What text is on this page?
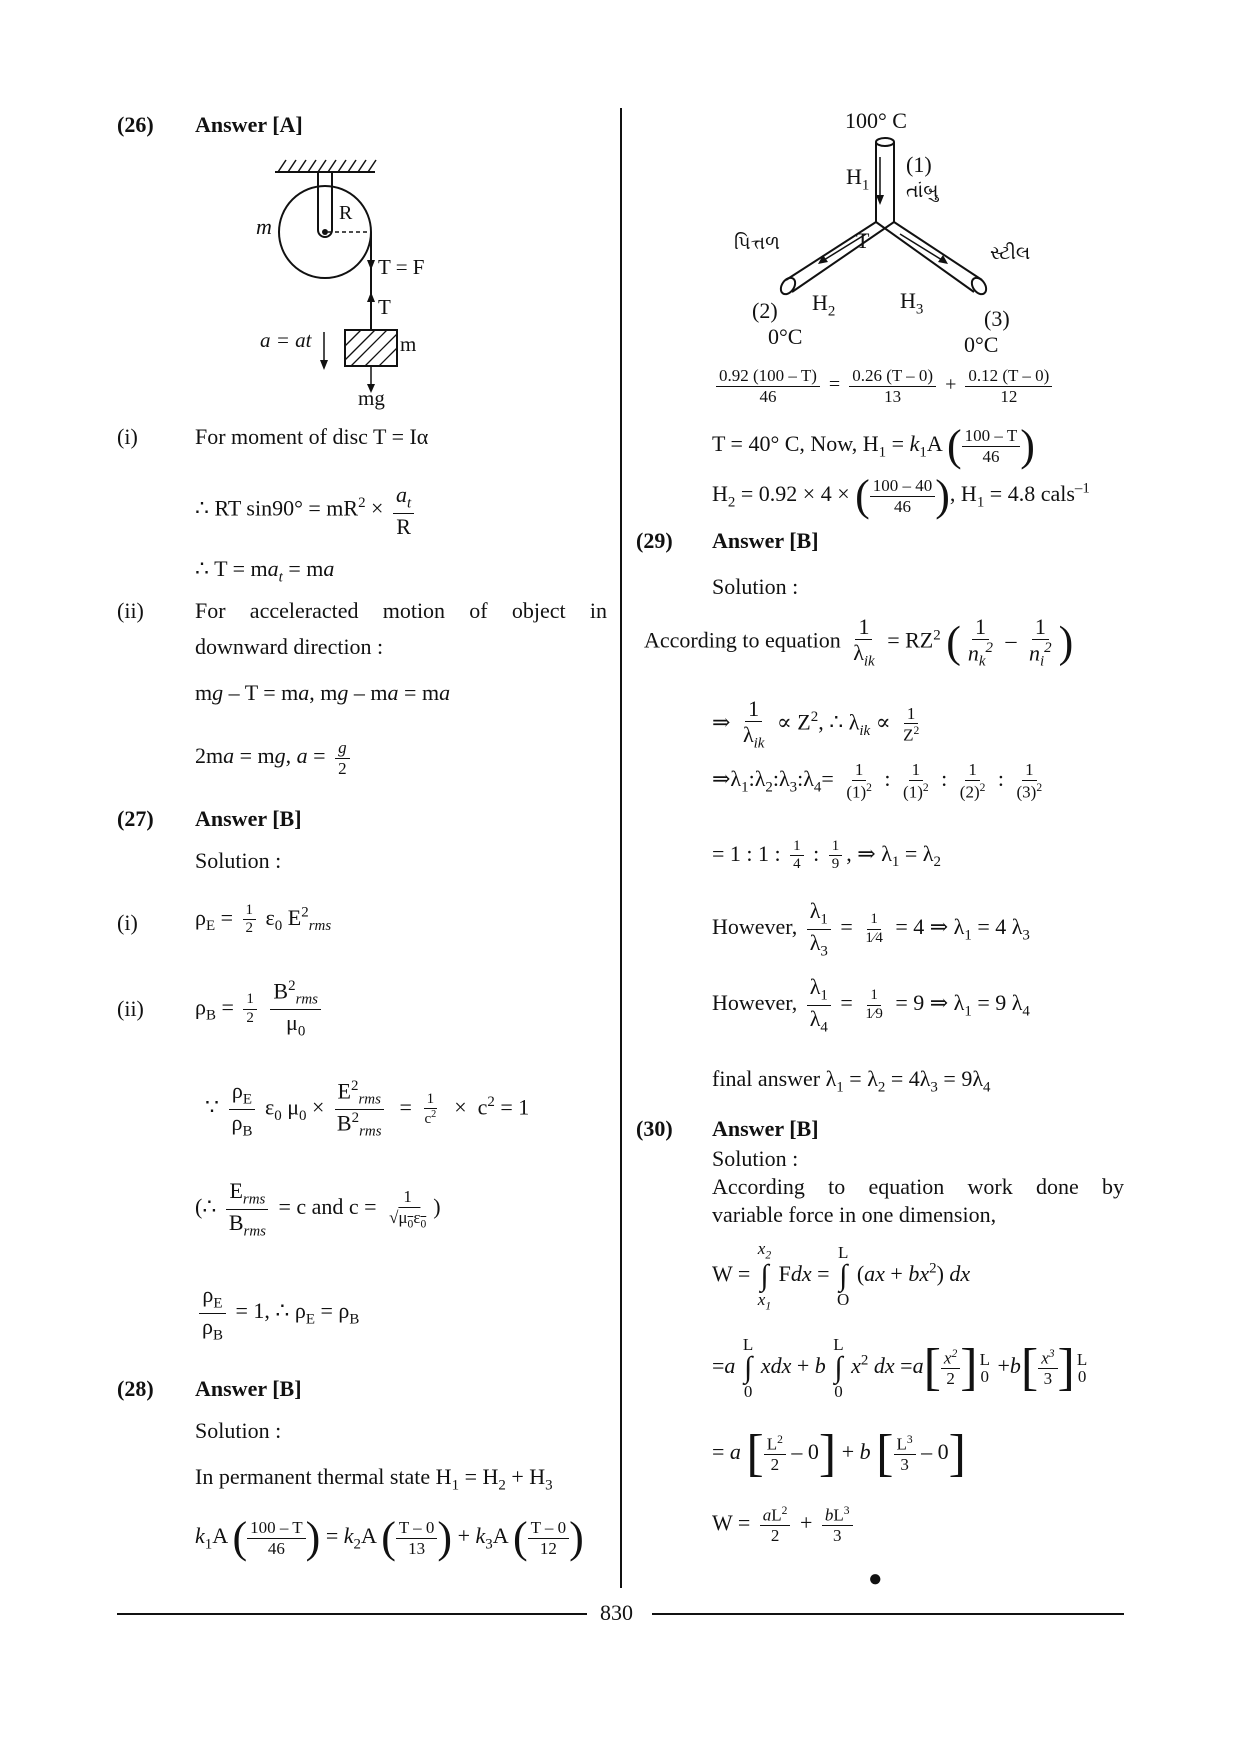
(26) Answer [A]
m
R
T = F
T
a = at	m
mg
(i)	For moment of disc T = Iα
∴ RT $\sin 90^\circ = mR^2 \times \frac{a_t}{R}$
∴ $T = ma_t$ = ma
(ii) For acceleracted motion of object in
downward direction :
mg – T = ma, mg – ma = ma
2ma = mg, $a = \frac{g}{2}$
(27) Answer [B]
Solution :
(i)	$\rho_E = \frac{1}{2} \varepsilon_0$ $E^2_{rms}$
(ii) $\rho_B = \frac{1}{2}$
$\frac{B^2_{rms}}{\mu_0}$
∵ $\frac{\rho_E}{\rho_B} \varepsilon_0$ $\mu_0 \times \frac{E^2_{rms}}{B^2_{rms}} = \frac{1}{c^2} \times c^2 = 1$
(∴ $\frac{E_{rms}}{B_{rms}} = c$ and $c = \frac{1}{√\mu_0\varepsilon_0}$ )
$\frac{\rho_E}{\rho_B} = 1$, ∴ $\rho_E = \rho_B$
(28) Answer [B]
Solution :
In permanent thermal state $H_1 = H_2 + H_3$
$k_1A$ ( $\frac{100 - T}{46}$ ) = $k_2A$ ( $\frac{T - 0}{13}$ ) + $k_3A$ ( $\frac{T - 0}{12}$ )
100° C
(1)
તાંબુ
$H_1$
T
પિત્તળ	સ્ટીલ
(2)	(3)
$H_2$	$H_3$
0°C	0°C
$\frac{0.92 (100 - T)}{46} = \frac{0.26 (T - 0)}{13} + \frac{0.12 (T - 0)}{12}$
T = 40° C, Now, $H_1 = k_1A$ ( $\frac{100 - T}{46}$ )
$H_2 = 0.92 \times 4$ × ( $\frac{100 - 40}{46}$ ), $H_1 = 4.8$ cals$^{-1}$
(29) Answer [B]
Solution :
According to equation $\frac{1}{\lambda_{ik}} = RZ^2$ ( $\frac{1}{n_k^2} - \frac{1}{n_i^2}$ )
⇒ $\frac{1}{\lambda_{ik}} \propto Z^2$, ∴ $\lambda_{ik} \propto \frac{1}{Z^2}$
$\Rightarrow\lambda_1:\lambda_2:\lambda_3:\lambda_4= \frac{1}{(1)^2}$ : $\frac{1}{(1)^2}$ : $\frac{1}{(2)^2}$ : $\frac{1}{(3)^2}$
= 1 : 1 : $\frac{1}{4}$ : $\frac{1}{9}$ , ⇒ $\lambda_1 = \lambda_2$
However, $\frac{\lambda_1}{\lambda_3} = \frac{1}{1⁄4} = 4$ ⇒ $\lambda_1 = 4$ $\lambda_3$
However, $\frac{\lambda_1}{\lambda_4} = \frac{1}{1⁄9} = 9$ ⇒ $\lambda_1 = 9$ $\lambda_4$
final answer $\lambda_1 = \lambda_2 = 4\lambda_3 = 9\lambda_4$
(30) Answer [B]
Solution :
According to equation work done by
variable force in one dimension,
W =
$x_2$
∫
$x_1$
Fdx =
L
∫
O
$(ax + bx^2)$ dx
=a
L
∫
0
xdx + b
L
∫
0
$x^2$ dx $=a[ \frac{x^2}{2}$ ] L
$0 +b[ \frac{x^3}{3}$ ] L
0
= a [ $\frac{L^2}{2} - 0] + b$ [ $\frac{L^3}{3} - 0$]
$W = \frac{aL^2}{2} + \frac{bL^3}{3}$
●
830
